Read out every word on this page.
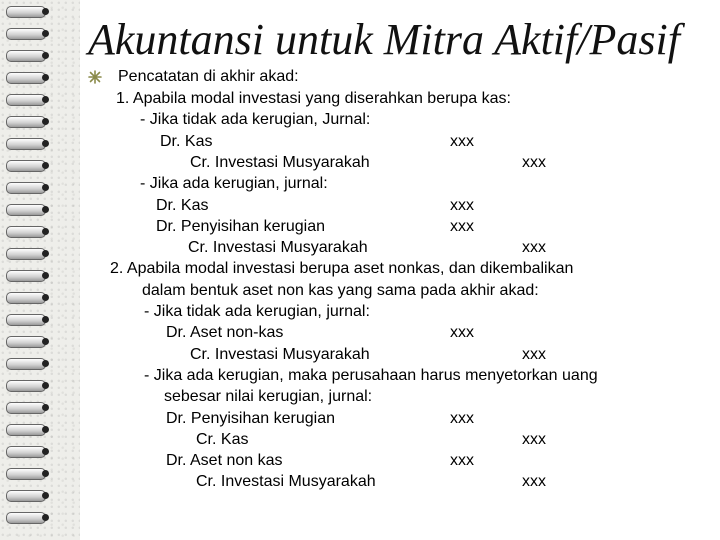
Akuntansi untuk Mitra Aktif/Pasif
Pencatatan di akhir akad:
1. Apabila modal investasi yang diserahkan berupa kas:
- Jika tidak ada kerugian, Jurnal:
Dr. Kas	xxx
Cr. Investasi Musyarakah	xxx
- Jika ada kerugian, jurnal:
Dr. Kas	xxx
Dr. Penyisihan kerugian	xxx
Cr. Investasi Musyarakah	xxx
2. Apabila modal investasi berupa aset nonkas, dan dikembalikan
dalam bentuk aset non kas yang sama pada akhir akad:
- Jika tidak ada kerugian, jurnal:
Dr. Aset non-kas	xxx
Cr. Investasi Musyarakah	xxx
- Jika ada kerugian, maka perusahaan harus menyetorkan uang
sebesar nilai kerugian, jurnal:
Dr. Penyisihan kerugian	xxx
Cr. Kas	xxx
Dr. Aset non kas	xxx
Cr. Investasi Musyarakah	xxx
